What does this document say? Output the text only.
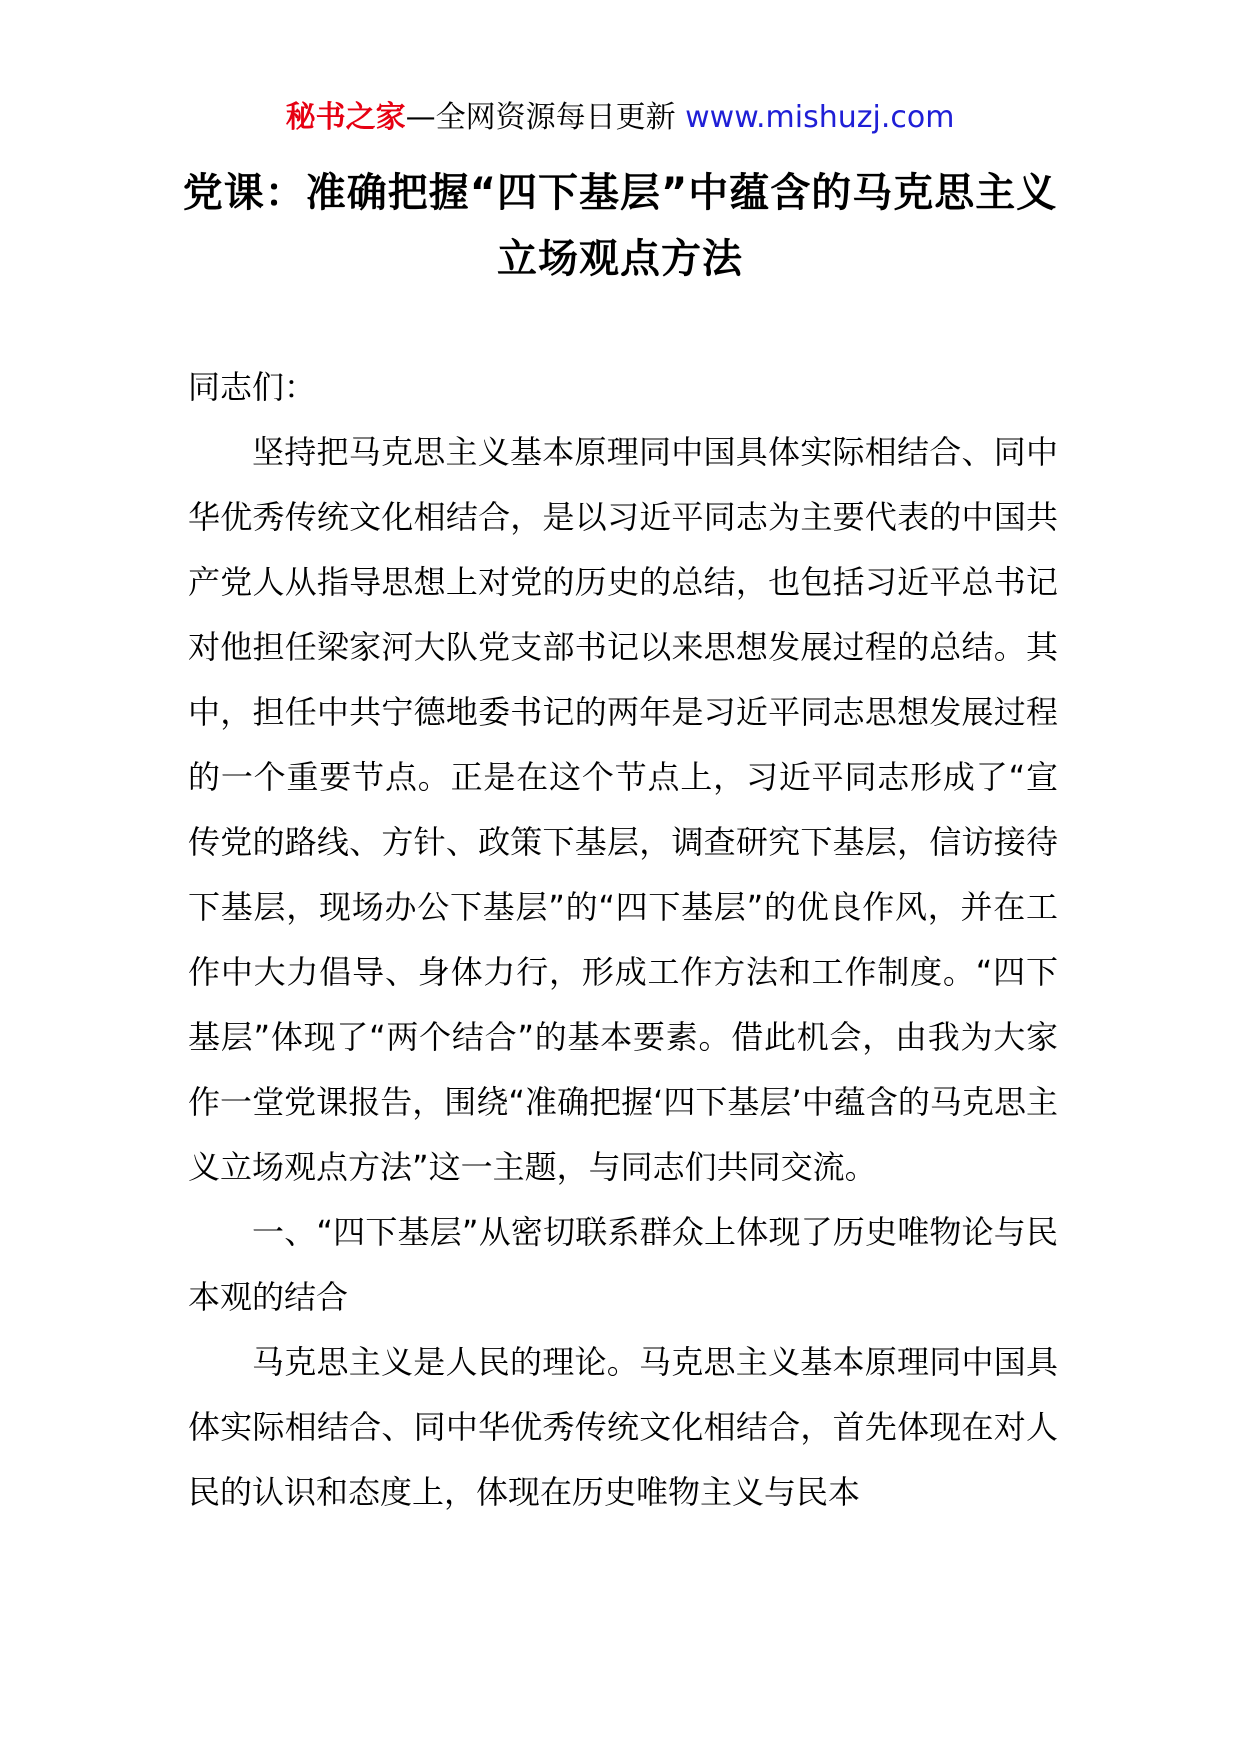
秘书之家—全网资源每日更新 www.mishuzj.com
党课：准确把握“四下基层”中蕴含的马克思主义立场观点方法

同志们：

坚持把马克思主义基本原理同中国具体实际相结合、同中华优秀传统文化相结合，是以习近平同志为主要代表的中国共产党人从指导思想上对党的历史的总结，也包括习近平总书记对他担任梁家河大队党支部书记以来思想发展过程的总结。其中，担任中共宁德地委书记的两年是习近平同志思想发展过程的一个重要节点。正是在这个节点上，习近平同志形成了“宣传党的路线、方针、政策下基层，调查研究下基层，信访接待下基层，现场办公下基层”的“四下基层”的优良作风，并在工作中大力倡导、身体力行，形成工作方法和工作制度。“四下基层”体现了“两个结合”的基本要素。借此机会，由我为大家作一堂党课报告，围绕“准确把握‘四下基层’中蕴含的马克思主义立场观点方法”这一主题，与同志们共同交流。

一、“四下基层”从密切联系群众上体现了历史唯物论与民本观的结合

马克思主义是人民的理论。马克思主义基本原理同中国具体实际相结合、同中华优秀传统文化相结合，首先体现在对人民的认识和态度上，体现在历史唯物主义与民本
